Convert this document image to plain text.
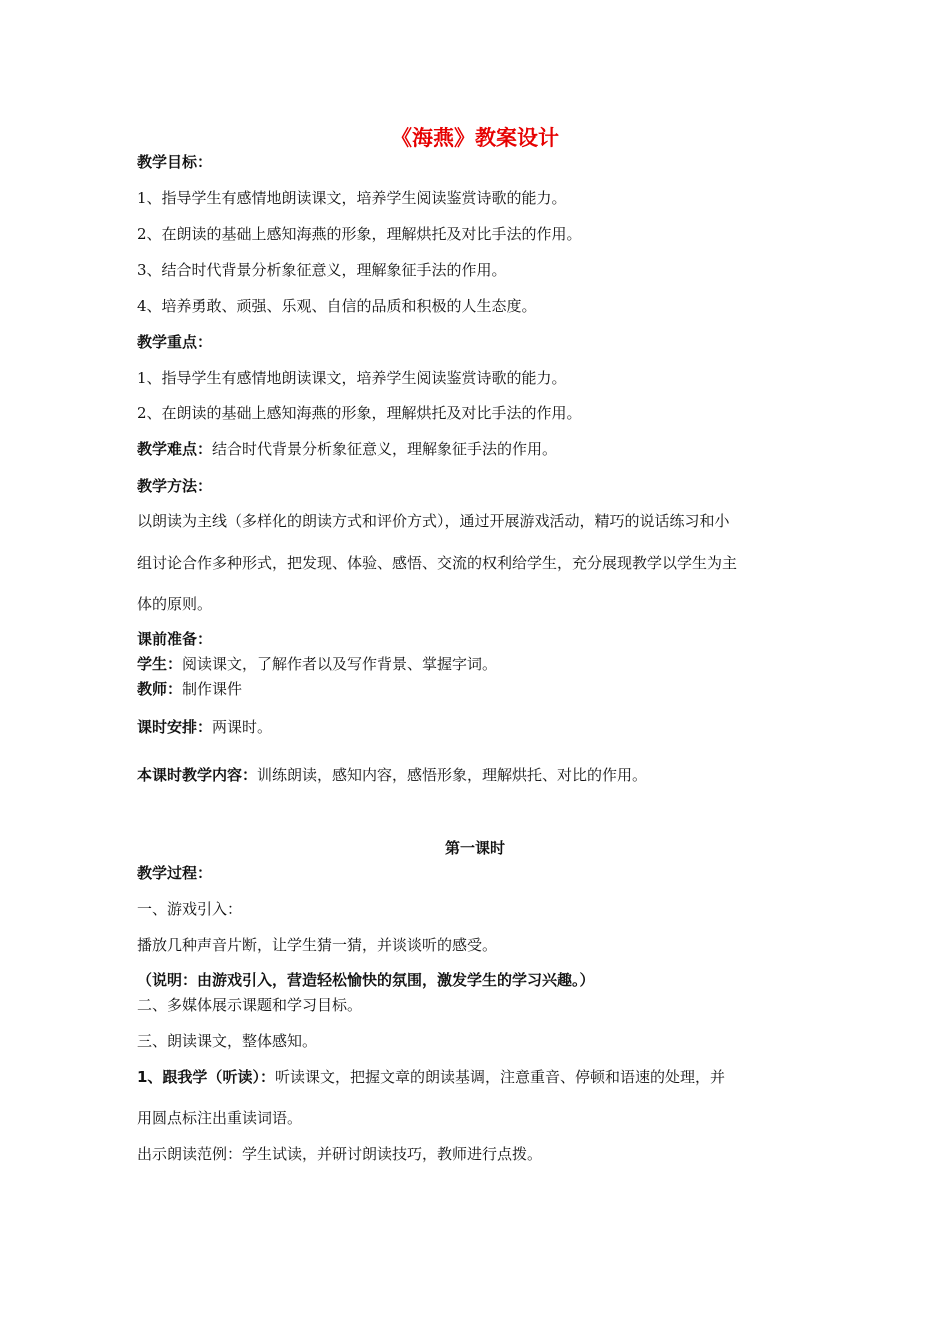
《海燕》教案设计

教学目标：

1、指导学生有感情地朗读课文，培养学生阅读鉴赏诗歌的能力。

2、在朗读的基础上感知海燕的形象，理解烘托及对比手法的作用。

3、结合时代背景分析象征意义，理解象征手法的作用。

4、培养勇敢、顽强、乐观、自信的品质和积极的人生态度。

教学重点：

1、指导学生有感情地朗读课文，培养学生阅读鉴赏诗歌的能力。

2、在朗读的基础上感知海燕的形象，理解烘托及对比手法的作用。

教学难点：结合时代背景分析象征意义，理解象征手法的作用。

教学方法：

以朗读为主线（多样化的朗读方式和评价方式），通过开展游戏活动，精巧的说话练习和小

组讨论合作多种形式，把发现、体验、感悟、交流的权利给学生，充分展现教学以学生为主

体的原则。

课前准备：

学生：阅读课文，了解作者以及写作背景、掌握字词。

教师：制作课件

课时安排：两课时。

本课时教学内容：训练朗读，感知内容，感悟形象，理解烘托、对比的作用。

第一课时

教学过程：

一、游戏引入：

播放几种声音片断，让学生猜一猜，并谈谈听的感受。

（说明：由游戏引入，营造轻松愉快的氛围，激发学生的学习兴趣。）

二、多媒体展示课题和学习目标。

三、朗读课文，整体感知。

1、跟我学（听读）：听读课文，把握文章的朗读基调，注意重音、停顿和语速的处理，并

用圆点标注出重读词语。

出示朗读范例：学生试读，并研讨朗读技巧，教师进行点拨。
